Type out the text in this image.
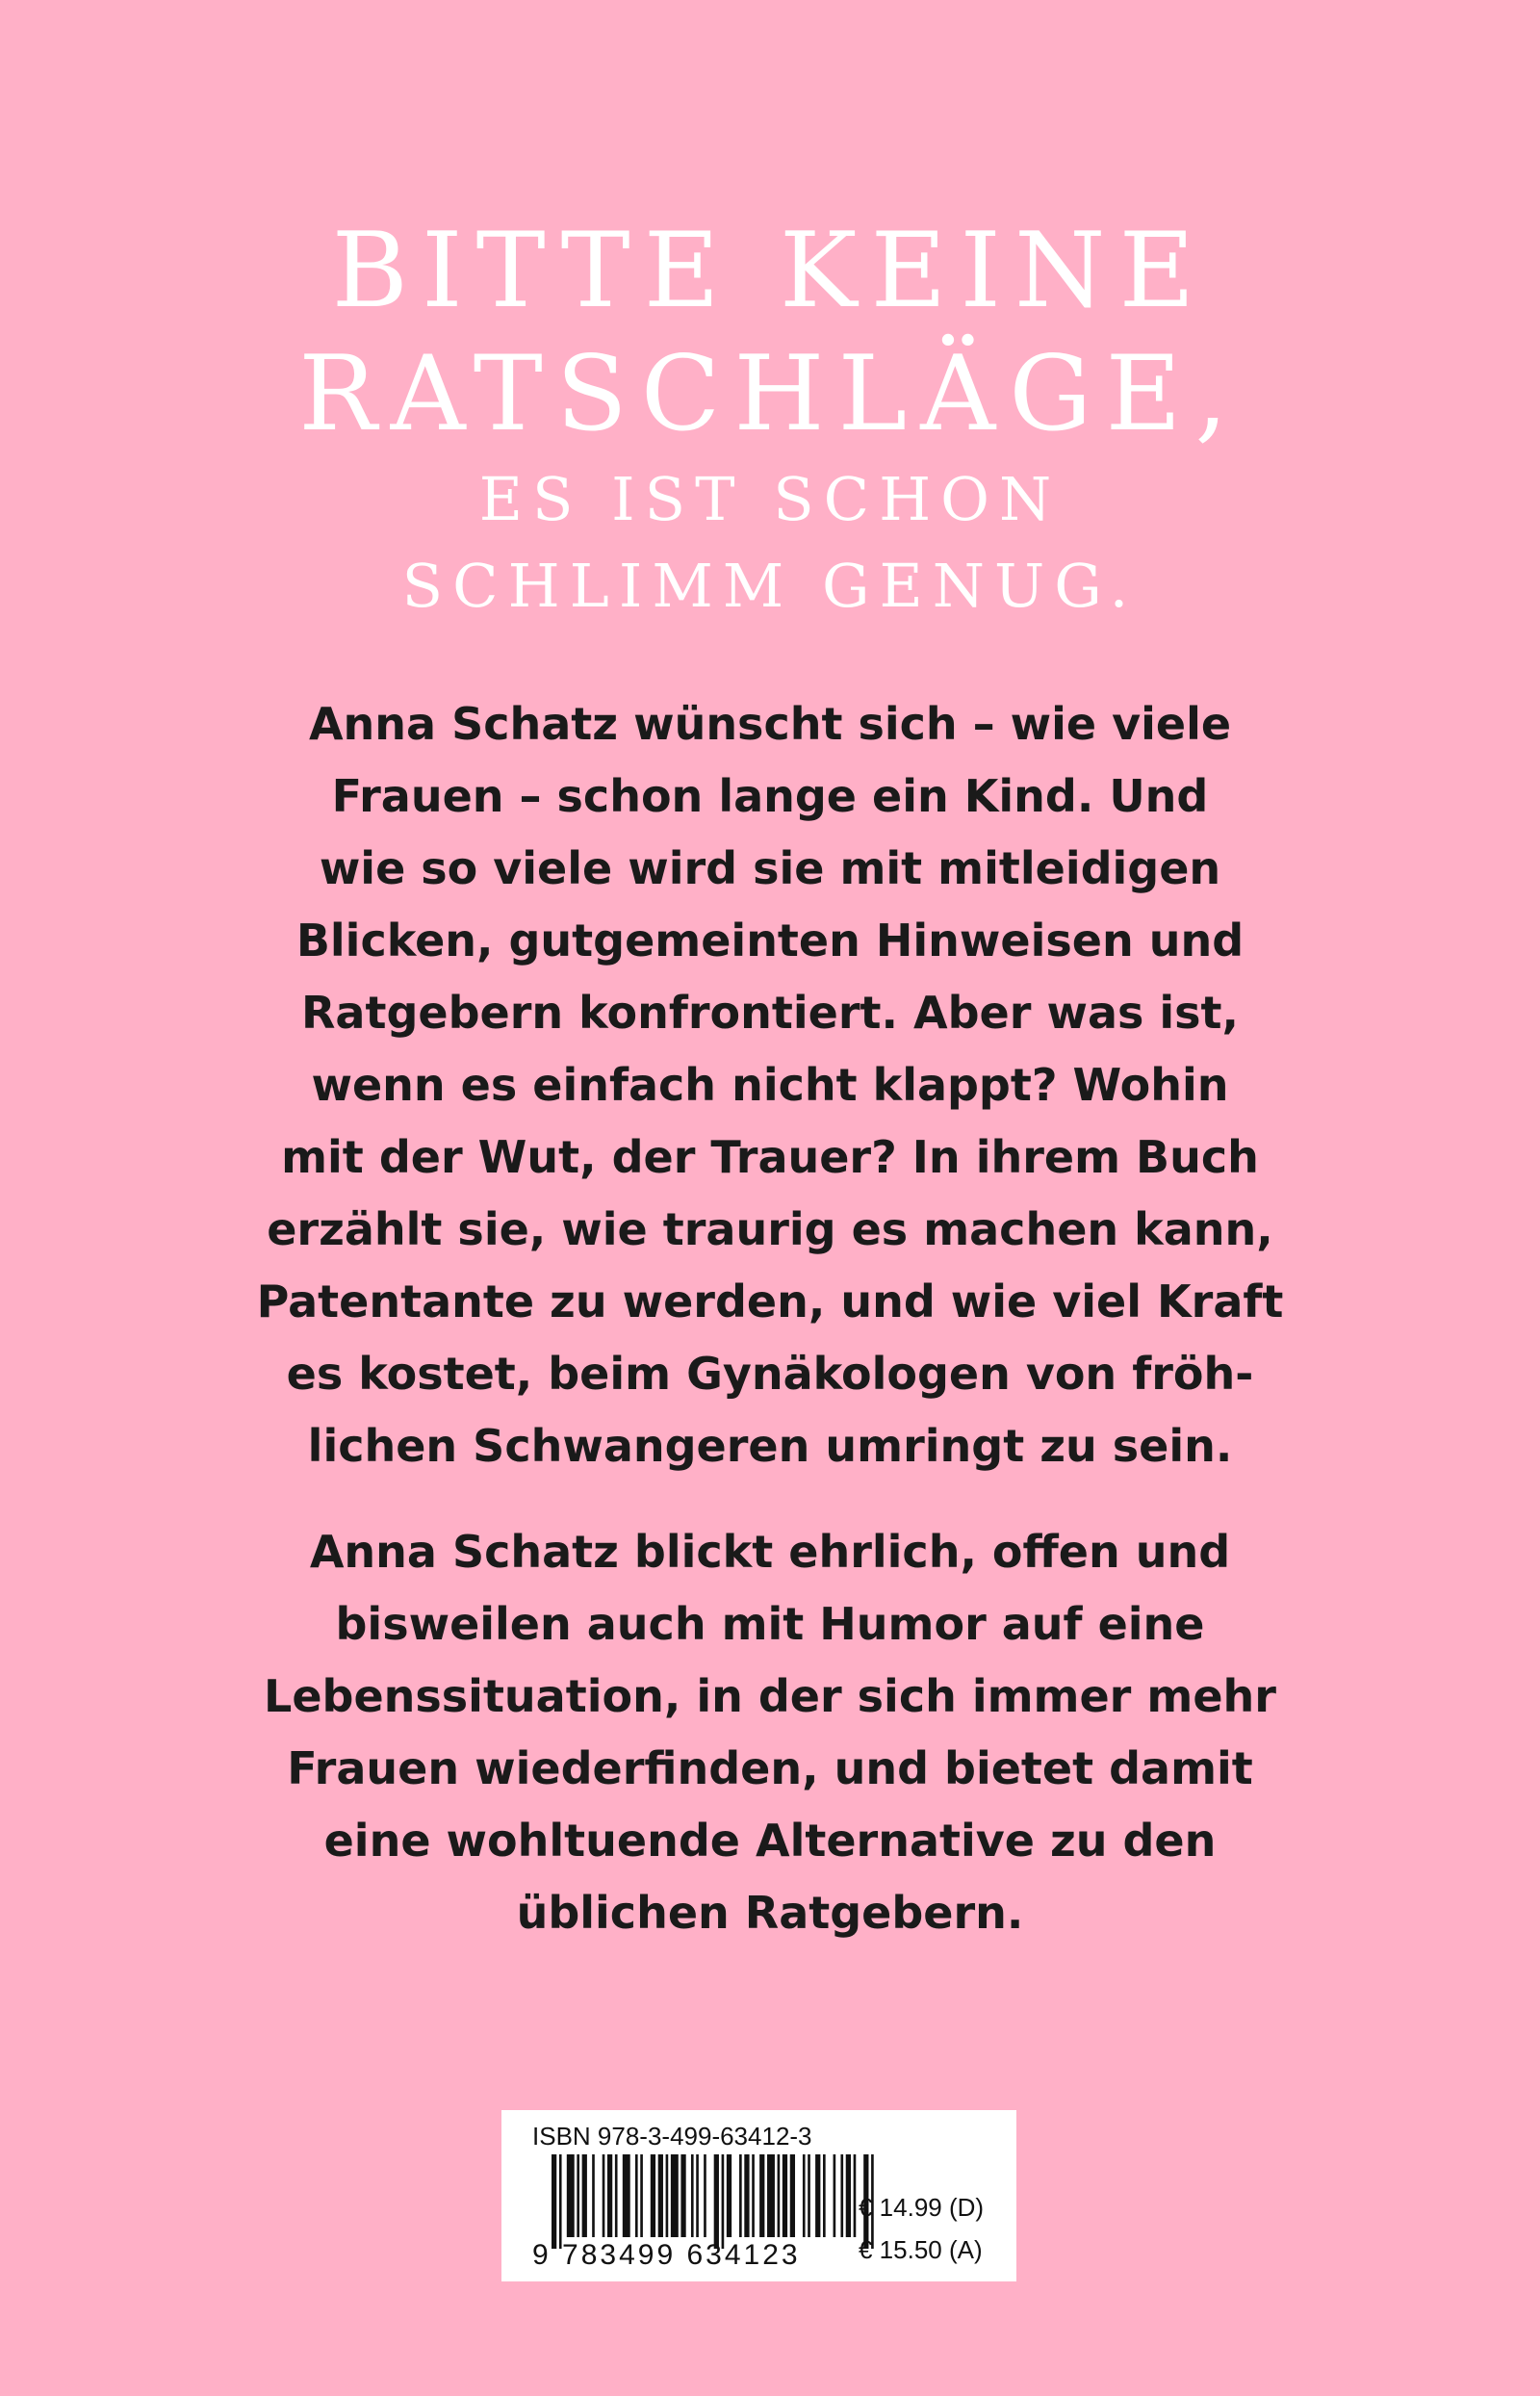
BITTE KEINE
RATSCHLÄGE,
ES IST SCHON
SCHLIMM GENUG.

Anna Schatz wünscht sich – wie viele
Frauen – schon lange ein Kind. Und
wie so viele wird sie mit mitleidigen
Blicken, gutgemeinten Hinweisen und
Ratgebern konfrontiert. Aber was ist,
wenn es einfach nicht klappt? Wohin
mit der Wut, der Trauer? In ihrem Buch
erzählt sie, wie traurig es machen kann,
Patentante zu werden, und wie viel Kraft
es kostet, beim Gynäkologen von fröh-
lichen Schwangeren umringt zu sein.

Anna Schatz blickt ehrlich, offen und
bisweilen auch mit Humor auf eine
Lebenssituation, in der sich immer mehr
Frauen wiederfinden, und bietet damit
eine wohltuende Alternative zu den
üblichen Ratgebern.

ISBN 978-3-499-63412-3
9 783499 634123
€ 14.99 (D)
€ 15.50 (A)
